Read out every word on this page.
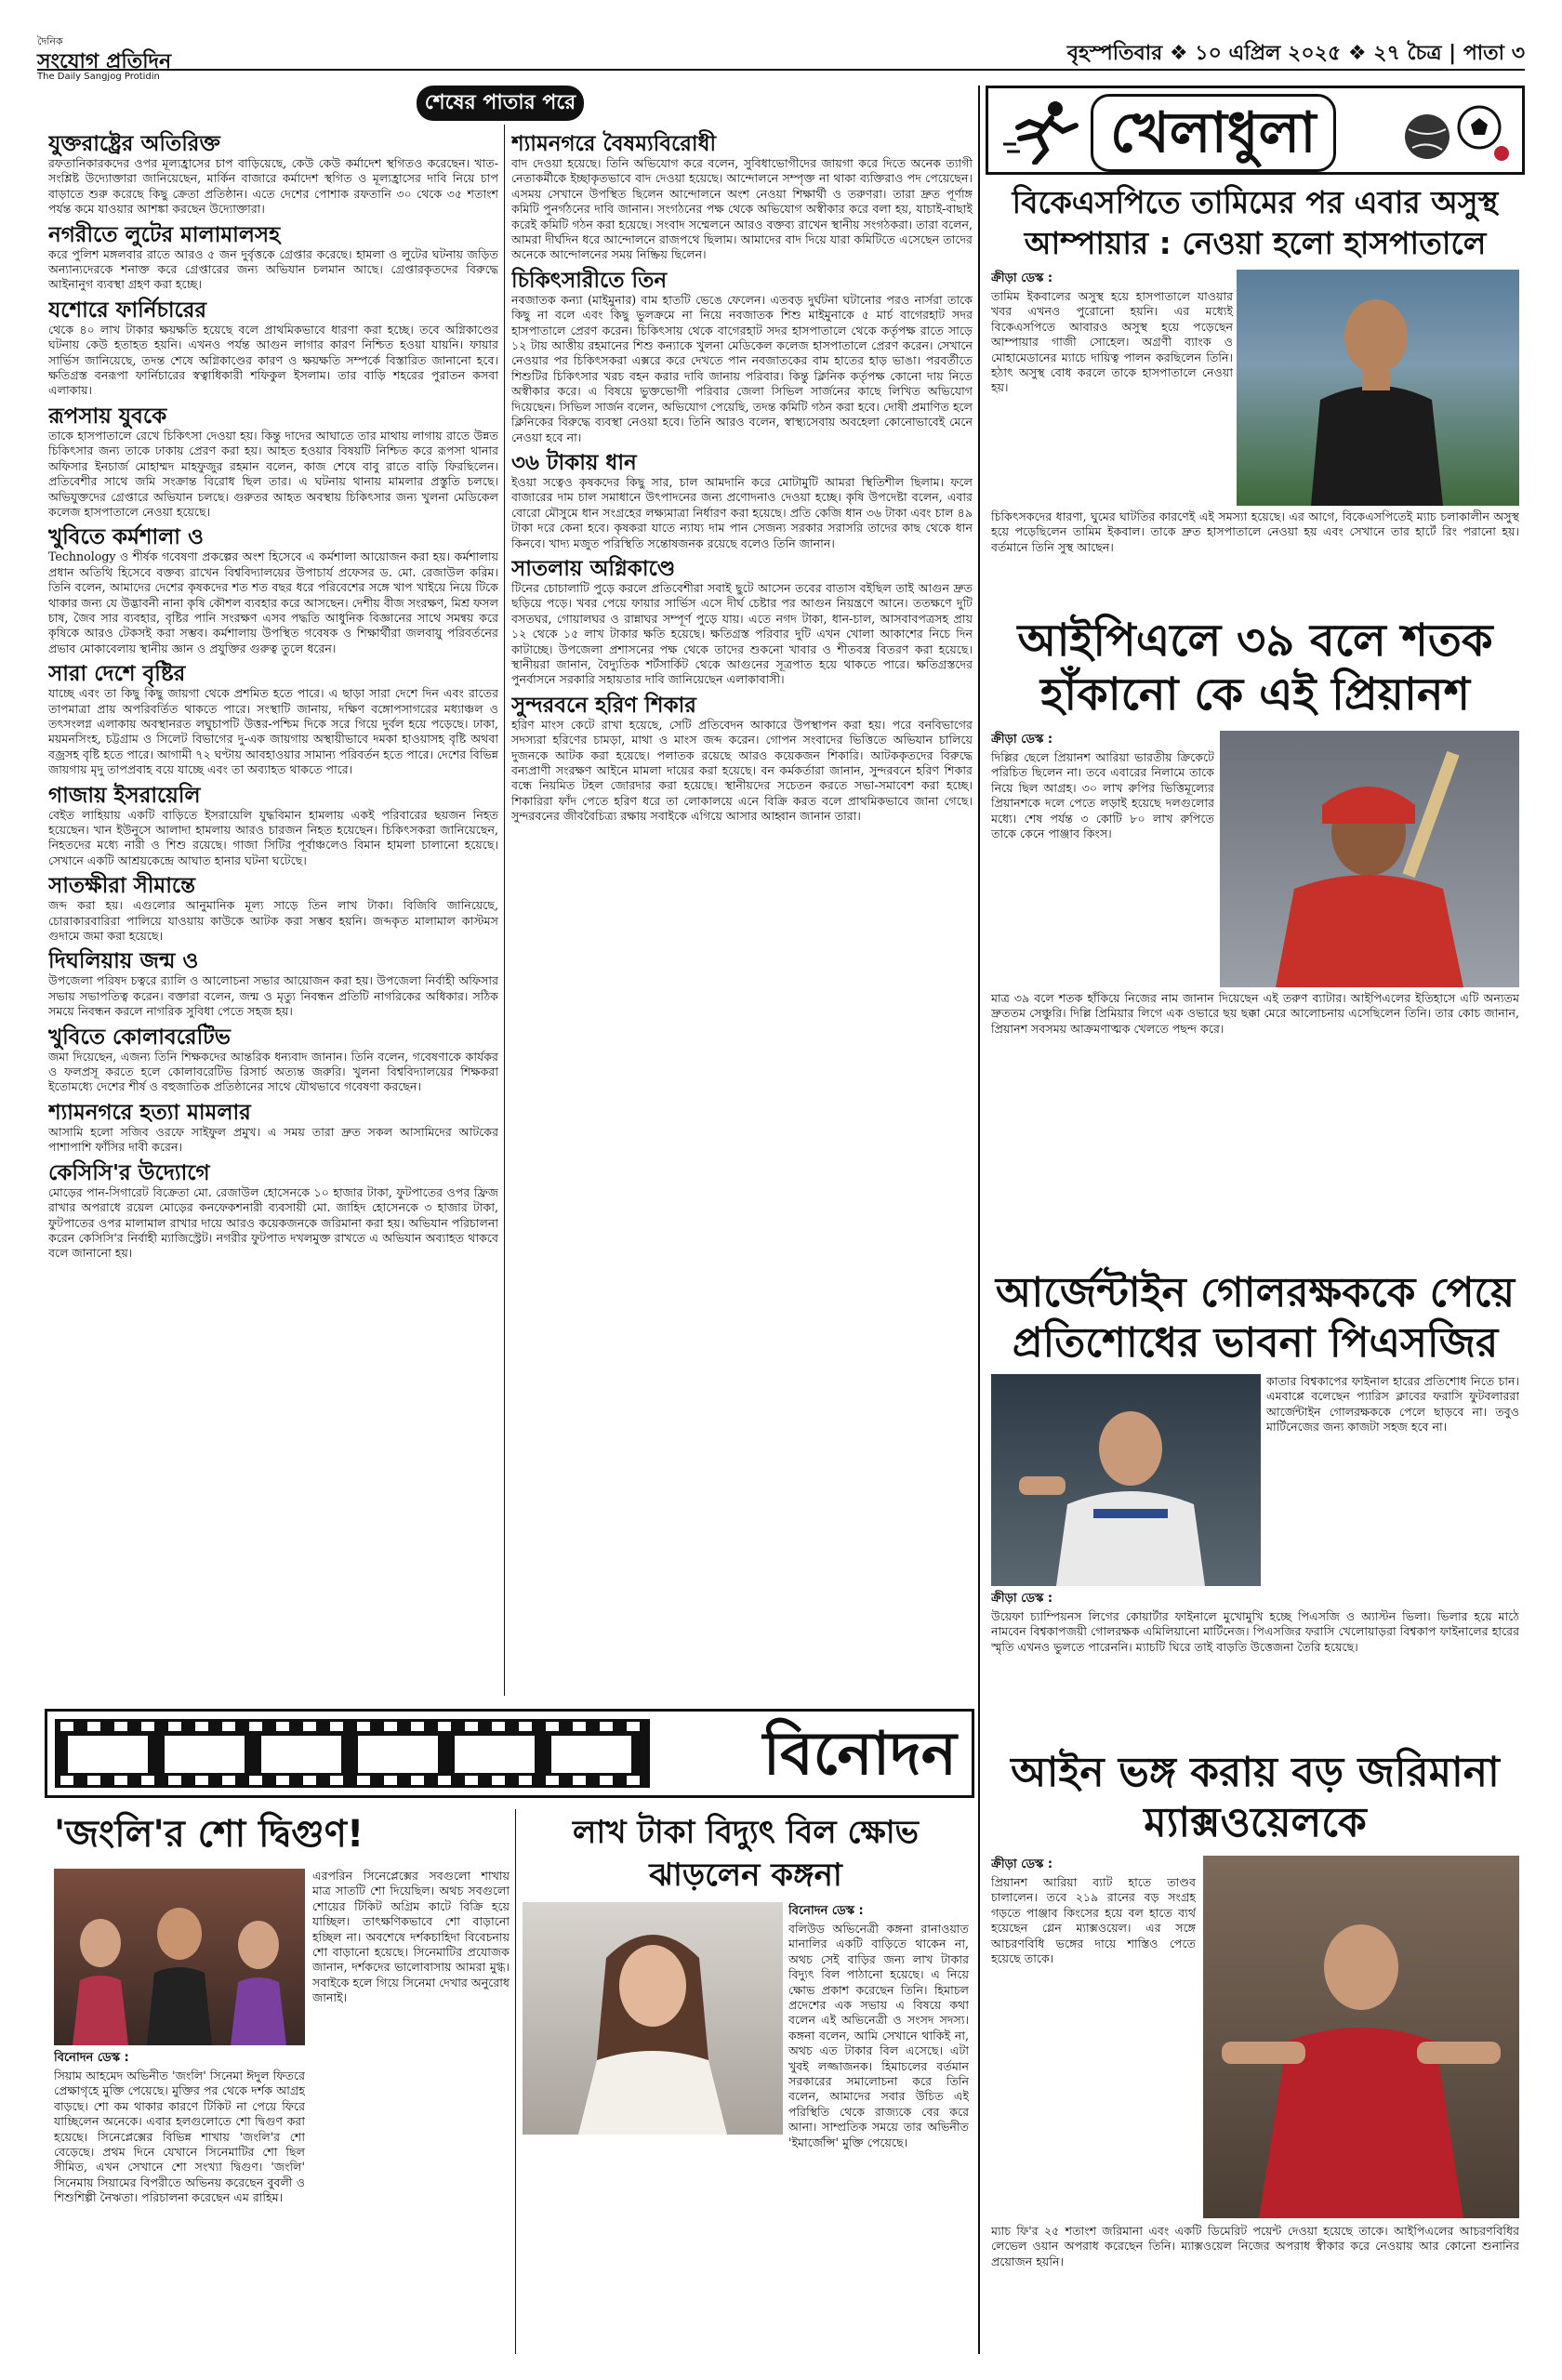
দৈনিক
সংযোগ প্রতিদিন
The Daily Sangjog Protidin
বৃহস্পতিবার ❖ ১০ এপ্রিল ২০২৫ ❖ ২৭ চৈত্র | পাতা ৩
শেষের পাতার পরে
যুক্তরাষ্ট্রের অতিরিক্ত
রফতানিকারকদের ওপর মূল্যহ্রাসের চাপ বাড়িয়েছে, কেউ কেউ কর্মাদেশ স্থগিতও করেছেন। খাত-সংশ্লিষ্ট উদ্যোক্তারা জানিয়েছেন, মার্কিন বাজারে কর্মাদেশ স্থগিত ও মূল্যহ্রাসের দাবি নিয়ে চাপ বাড়াতে শুরু করেছে কিছু ক্রেতা প্রতিষ্ঠান। এতে দেশের পোশাক রফতানি ৩০ থেকে ৩৫ শতাংশ পর্যন্ত কমে যাওয়ার আশঙ্কা করছেন উদ্যোক্তারা।
নগরীতে লুটের মালামালসহ
করে পুলিশ মঙ্গলবার রাতে আরও ৫ জন দুর্বৃত্তকে গ্রেপ্তার করেছে। হামলা ও লুটের ঘটনায় জড়িত অন্যান্যদেরকে শনাক্ত করে গ্রেপ্তারের জন্য অভিযান চলমান আছে। গ্রেপ্তারকৃতদের বিরুদ্ধে আইনানুগ ব্যবস্থা গ্রহণ করা হচ্ছে।
যশোরে ফার্নিচারের
থেকে ৪০ লাখ টাকার ক্ষয়ক্ষতি হয়েছে বলে প্রাথমিকভাবে ধারণা করা হচ্ছে। তবে অগ্নিকাণ্ডের ঘটনায় কেউ হতাহত হয়নি। এখনও পর্যন্ত আগুন লাগার কারণ নিশ্চিত হওয়া যায়নি। ফায়ার সার্ভিস জানিয়েছে, তদন্ত শেষে অগ্নিকাণ্ডের কারণ ও ক্ষয়ক্ষতি সম্পর্কে বিস্তারিত জানানো হবে। ক্ষতিগ্রস্ত বনরূপা ফার্নিচারের স্বত্বাধিকারী শফিকুল ইসলাম। তার বাড়ি শহরের পুরাতন কসবা এলাকায়।
রূপসায় যুবকে
তাকে হাসপাতালে রেখে চিকিৎসা দেওয়া হয়। কিন্তু দাদের আঘাতে তার মাথায় লাগায় রাতে উন্নত চিকিৎসার জন্য তাকে ঢাকায় প্রেরণ করা হয়। আহত হওয়ার বিষয়টি নিশ্চিত করে রূপসা থানার অফিসার ইনচার্জ মোহাম্মদ মাহফুজুর রহমান বলেন, কাজ শেষে বাবু রাতে বাড়ি ফিরছিলেন। প্রতিবেশীর সাথে জমি সংক্রান্ত বিরোধ ছিল তার। এ ঘটনায় থানায় মামলার প্রস্তুতি চলছে। অভিযুক্তদের গ্রেপ্তারে অভিযান চলছে। গুরুতর আহত অবস্থায় চিকিৎসার জন্য খুলনা মেডিকেল কলেজ হাসপাতালে নেওয়া হয়েছে।
খুবিতে কর্মশালা ও
Technology ও শীর্ষক গবেষণা প্রকল্পের অংশ হিসেবে এ কর্মশালা আয়োজন করা হয়। কর্মশালায় প্রধান অতিথি হিসেবে বক্তব্য রাখেন বিশ্ববিদ্যালয়ের উপাচার্য প্রফেসর ড. মো. রেজাউল করিম। তিনি বলেন, আমাদের দেশের কৃষকদের শত শত বছর ধরে পরিবেশের সঙ্গে খাপ খাইয়ে নিয়ে টিকে থাকার জন্য যে উদ্ভাবনী নানা কৃষি কৌশল ব্যবহার করে আসছেন। দেশীয় বীজ সংরক্ষণ, মিশ্র ফসল চাষ, জৈব সার ব্যবহার, বৃষ্টির পানি সংরক্ষণ এসব পদ্ধতি আধুনিক বিজ্ঞানের সাথে সমন্বয় করে কৃষিকে আরও টেকসই করা সম্ভব। কর্মশালায় উপস্থিত গবেষক ও শিক্ষার্থীরা জলবায়ু পরিবর্তনের প্রভাব মোকাবেলায় স্থানীয় জ্ঞান ও প্রযুক্তির গুরুত্ব তুলে ধরেন।
সারা দেশে বৃষ্টির
যাচ্ছে এবং তা কিছু কিছু জায়গা থেকে প্রশমিত হতে পারে। এ ছাড়া সারা দেশে দিন এবং রাতের তাপমাত্রা প্রায় অপরিবর্তিত থাকতে পারে। সংস্থাটি জানায়, দক্ষিণ বঙ্গোপসাগরের মধ্যাঞ্চল ও তৎসংলগ্ন এলাকায় অবস্থানরত লঘুচাপটি উত্তর-পশ্চিম দিকে সরে গিয়ে দুর্বল হয়ে পড়েছে। ঢাকা, ময়মনসিংহ, চট্টগ্রাম ও সিলেট বিভাগের দু-এক জায়গায় অস্থায়ীভাবে দমকা হাওয়াসহ বৃষ্টি অথবা বজ্রসহ বৃষ্টি হতে পারে। আগামী ৭২ ঘণ্টায় আবহাওয়ার সামান্য পরিবর্তন হতে পারে। দেশের বিভিন্ন জায়গায় মৃদু তাপপ্রবাহ বয়ে যাচ্ছে এবং তা অব্যাহত থাকতে পারে।
গাজায় ইসরায়েলি
বেইত লাহিয়ায় একটি বাড়িতে ইসরায়েলি যুদ্ধবিমান হামলায় একই পরিবারের ছয়জন নিহত হয়েছেন। খান ইউনুসে আলাদা হামলায় আরও চারজন নিহত হয়েছেন। চিকিৎসকরা জানিয়েছেন, নিহতদের মধ্যে নারী ও শিশু রয়েছে। গাজা সিটির পূর্বাঞ্চলেও বিমান হামলা চালানো হয়েছে। সেখানে একটি আশ্রয়কেন্দ্রে আঘাত হানার ঘটনা ঘটেছে।
সাতক্ষীরা সীমান্তে
জব্দ করা হয়। এগুলোর আনুমানিক মূল্য সাড়ে তিন লাখ টাকা। বিজিবি জানিয়েছে, চোরাকারবারিরা পালিয়ে যাওয়ায় কাউকে আটক করা সম্ভব হয়নি। জব্দকৃত মালামাল কাস্টমস গুদামে জমা করা হয়েছে।
দিঘলিয়ায় জন্ম ও
উপজেলা পরিষদ চত্বরে র‍্যালি ও আলোচনা সভার আয়োজন করা হয়। উপজেলা নির্বাহী অফিসার সভায় সভাপতিত্ব করেন। বক্তারা বলেন, জন্ম ও মৃত্যু নিবন্ধন প্রতিটি নাগরিকের অধিকার। সঠিক সময়ে নিবন্ধন করলে নাগরিক সুবিধা পেতে সহজ হয়।
খুবিতে কোলাবরেটিভ
জমা দিয়েছেন, এজন্য তিনি শিক্ষকদের আন্তরিক ধন্যবাদ জানান। তিনি বলেন, গবেষণাকে কার্যকর ও ফলপ্রসূ করতে হলে কোলাবরেটিভ রিসার্চ অত্যন্ত জরুরি। খুলনা বিশ্ববিদ্যালয়ের শিক্ষকরা ইতোমধ্যে দেশের শীর্ষ ও বহুজাতিক প্রতিষ্ঠানের সাথে যৌথভাবে গবেষণা করছেন।
শ্যামনগরে হত্যা মামলার
আসামি হলো সজিব ওরফে সাইফুল প্রমুখ। এ সময় তারা দ্রুত সকল আসামিদের আটকের পাশাপাশি ফাঁসির দাবী করেন।
কেসিসি'র উদ্যোগে
মোড়ের পান-সিগারেট বিক্রেতা মো. রেজাউল হোসেনকে ১০ হাজার টাকা, ফুটপাতের ওপর ফ্রিজ রাখার অপরাধে রয়েল মোড়ের কনফেকশনারী ব্যবসায়ী মো. জাহিদ হোসেনকে ৩ হাজার টাকা, ফুটপাতের ওপর মালামাল রাখার দায়ে আরও কয়েকজনকে জরিমানা করা হয়। অভিযান পরিচালনা করেন কেসিসি'র নির্বাহী ম্যাজিস্ট্রেট। নগরীর ফুটপাত দখলমুক্ত রাখতে এ অভিযান অব্যাহত থাকবে বলে জানানো হয়।
শ্যামনগরে বৈষম্যবিরোধী
বাদ দেওয়া হয়েছে। তিনি অভিযোগ করে বলেন, সুবিধাভোগীদের জায়গা করে দিতে অনেক ত্যাগী নেতাকর্মীকে ইচ্ছাকৃতভাবে বাদ দেওয়া হয়েছে। আন্দোলনে সম্পৃক্ত না থাকা ব্যক্তিরাও পদ পেয়েছেন। এসময় সেখানে উপস্থিত ছিলেন আন্দোলনে অংশ নেওয়া শিক্ষার্থী ও তরুণরা। তারা দ্রুত পূর্ণাঙ্গ কমিটি পুনর্গঠনের দাবি জানান। সংগঠনের পক্ষ থেকে অভিযোগ অস্বীকার করে বলা হয়, যাচাই-বাছাই করেই কমিটি গঠন করা হয়েছে। সংবাদ সম্মেলনে আরও বক্তব্য রাখেন স্থানীয় সংগঠকরা। তারা বলেন, আমরা দীর্ঘদিন ধরে আন্দোলনে রাজপথে ছিলাম। আমাদের বাদ দিয়ে যারা কমিটিতে এসেছেন তাদের অনেকে আন্দোলনের সময় নিষ্ক্রিয় ছিলেন।
চিকিৎসারীতে তিন
নবজাতক কন্যা (মাইমুনার) বাম হাতটি ভেঙে ফেলেন। এতবড় দুর্ঘটনা ঘটানোর পরও নার্সরা তাকে কিছু না বলে এবং কিছু ভুলক্রমে না নিয়ে নবজাতক শিশু মাইমুনাকে ৫ মার্চ বাগেরহাট সদর হাসপাতালে প্রেরণ করেন। চিকিৎসায় থেকে বাগেরহাট সদর হাসপাতালে থেকে কর্তৃপক্ষ রাতে সাড়ে ১২ টায় আত্তীয় রহমানের শিশু কন্যাকে খুলনা মেডিকেল কলেজ হাসপাতালে প্রেরণ করেন। সেখানে নেওয়ার পর চিকিৎসকরা এক্সরে করে দেখতে পান নবজাতকের বাম হাতের হাড় ভাঙা। পরবর্তীতে শিশুটির চিকিৎসার খরচ বহন করার দাবি জানায় পরিবার। কিন্তু ক্লিনিক কর্তৃপক্ষ কোনো দায় নিতে অস্বীকার করে। এ বিষয়ে ভুক্তভোগী পরিবার জেলা সিভিল সার্জনের কাছে লিখিত অভিযোগ দিয়েছেন। সিভিল সার্জন বলেন, অভিযোগ পেয়েছি, তদন্ত কমিটি গঠন করা হবে। দোষী প্রমাণিত হলে ক্লিনিকের বিরুদ্ধে ব্যবস্থা নেওয়া হবে। তিনি আরও বলেন, স্বাস্থ্যসেবায় অবহেলা কোনোভাবেই মেনে নেওয়া হবে না।
৩৬ টাকায় ধান
ইওয়া সত্বেও কৃষকদের কিছু সার, চাল আমদানি করে মোটামুটি আমরা স্থিতিশীল ছিলাম। ফলে বাজারের দাম চাল সমাধানে উৎপাদনের জন্য প্রণোদনাও দেওয়া হচ্ছে। কৃষি উপদেষ্টা বলেন, এবার বোরো মৌসুমে ধান সংগ্রহের লক্ষ্যমাত্রা নির্ধারণ করা হয়েছে। প্রতি কেজি ধান ৩৬ টাকা এবং চাল ৪৯ টাকা দরে কেনা হবে। কৃষকরা যাতে ন্যায্য দাম পান সেজন্য সরকার সরাসরি তাদের কাছ থেকে ধান কিনবে। খাদ্য মজুত পরিস্থিতি সন্তোষজনক রয়েছে বলেও তিনি জানান।
সাতলায় অগ্নিকাণ্ডে
টিনের চোচালাটি পুড়ে করলে প্রতিবেশীরা সবাই ছুটে আসেন তবের বাতাস বইছিল তাই আগুন দ্রুত ছড়িয়ে পড়ে। খবর পেয়ে ফায়ার সার্ভিস এসে দীর্ঘ চেষ্টার পর আগুন নিয়ন্ত্রণে আনে। ততক্ষণে দুটি বসতঘর, গোয়ালঘর ও রান্নাঘর সম্পূর্ণ পুড়ে যায়। এতে নগদ টাকা, ধান-চাল, আসবাবপত্রসহ প্রায় ১২ থেকে ১৫ লাখ টাকার ক্ষতি হয়েছে। ক্ষতিগ্রস্ত পরিবার দুটি এখন খোলা আকাশের নিচে দিন কাটাচ্ছে। উপজেলা প্রশাসনের পক্ষ থেকে তাদের শুকনো খাবার ও শীতবস্ত্র বিতরণ করা হয়েছে। স্থানীয়রা জানান, বৈদ্যুতিক শর্টসার্কিট থেকে আগুনের সূত্রপাত হয়ে থাকতে পারে। ক্ষতিগ্রস্তদের পুনর্বাসনে সরকারি সহায়তার দাবি জানিয়েছেন এলাকাবাসী।
সুন্দরবনে হরিণ শিকার
হরিণ মাংস কেটে রাখা হয়েছে, সেটি প্রতিবেদন আকারে উপস্থাপন করা হয়। পরে বনবিভাগের সদস্যরা হরিণের চামড়া, মাথা ও মাংস জব্দ করেন। গোপন সংবাদের ভিত্তিতে অভিযান চালিয়ে দুজনকে আটক করা হয়েছে। পলাতক রয়েছে আরও কয়েকজন শিকারি। আটককৃতদের বিরুদ্ধে বন্যপ্রাণী সংরক্ষণ আইনে মামলা দায়ের করা হয়েছে। বন কর্মকর্তারা জানান, সুন্দরবনে হরিণ শিকার বন্ধে নিয়মিত টহল জোরদার করা হয়েছে। স্থানীয়দের সচেতন করতে সভা-সমাবেশ করা হচ্ছে। শিকারিরা ফাঁদ পেতে হরিণ ধরে তা লোকালয়ে এনে বিক্রি করত বলে প্রাথমিকভাবে জানা গেছে। সুন্দরবনের জীববৈচিত্র্য রক্ষায় সবাইকে এগিয়ে আসার আহ্বান জানান তারা।
খেলাধুলা
বিকেএসপিতে তামিমের পর এবার অসুস্থ আম্পায়ার : নেওয়া হলো হাসপাতালে
ক্রীড়া ডেস্ক :
তামিম ইকবালের অসুস্থ হয়ে হাসপাতালে যাওয়ার খবর এখনও পুরোনো হয়নি। এর মধ্যেই বিকেএসপিতে আবারও অসুস্থ হয়ে পড়েছেন আম্পায়ার গাজী সোহেল। অগ্রণী ব্যাংক ও মোহামেডানের ম্যাচে দায়িত্ব পালন করছিলেন তিনি। হঠাৎ অসুস্থ বোধ করলে তাকে হাসপাতালে নেওয়া হয়।
চিকিৎসকদের ধারণা, ঘুমের ঘাটতির কারণেই এই সমস্যা হয়েছে। এর আগে, বিকেএসপিতেই ম্যাচ চলাকালীন অসুস্থ হয়ে পড়েছিলেন তামিম ইকবাল। তাকে দ্রুত হাসপাতালে নেওয়া হয় এবং সেখানে তার হার্টে রিং পরানো হয়। বর্তমানে তিনি সুস্থ আছেন।
আইপিএলে ৩৯ বলে শতক হাঁকানো কে এই প্রিয়ানশ
ক্রীড়া ডেস্ক :
দিল্লির ছেলে প্রিয়ানশ আরিয়া ভারতীয় ক্রিকেটে পরিচিত ছিলেন না। তবে এবারের নিলামে তাকে নিয়ে ছিল আগ্রহ। ৩০ লাখ রুপির ভিত্তিমূল্যের প্রিয়ানশকে দলে পেতে লড়াই হয়েছে দলগুলোর মধ্যে। শেষ পর্যন্ত ৩ কোটি ৮০ লাখ রুপিতে তাকে কেনে পাঞ্জাব কিংস।
মাত্র ৩৯ বলে শতক হাঁকিয়ে নিজের নাম জানান দিয়েছেন এই তরুণ ব্যাটার। আইপিএলের ইতিহাসে এটি অন্যতম দ্রুততম সেঞ্চুরি। দিল্লি প্রিমিয়ার লিগে এক ওভারে ছয় ছক্কা মেরে আলোচনায় এসেছিলেন তিনি। তার কোচ জানান, প্রিয়ানশ সবসময় আক্রমণাত্মক খেলতে পছন্দ করে।
আর্জেন্টাইন গোলরক্ষককে পেয়ে প্রতিশোধের ভাবনা পিএসজির
কাতার বিশ্বকাপের ফাইনাল হারের প্রতিশোধ নিতে চান। এমবাপ্পে বলেছেন প্যারিস ক্লাবের ফরাসি ফুটবলাররা আর্জেন্টাইন গোলরক্ষককে পেলে ছাড়বে না। তবুও মার্টিনেজের জন্য কাজটা সহজ হবে না।
ক্রীড়া ডেস্ক :
উয়েফা চ্যাম্পিয়নস লিগের কোয়ার্টার ফাইনালে মুখোমুখি হচ্ছে পিএসজি ও অ্যাস্টন ভিলা। ভিলার হয়ে মাঠে নামবেন বিশ্বকাপজয়ী গোলরক্ষক এমিলিয়ানো মার্টিনেজ। পিএসজির ফরাসি খেলোয়াড়রা বিশ্বকাপ ফাইনালের হারের স্মৃতি এখনও ভুলতে পারেননি। ম্যাচটি ঘিরে তাই বাড়তি উত্তেজনা তৈরি হয়েছে।
আইন ভঙ্গ করায় বড় জরিমানা ম্যাক্সওয়েলকে
ক্রীড়া ডেস্ক :
প্রিয়ানশ আরিয়া ব্যাট হাতে তাণ্ডব চালালেন। তবে ২১৯ রানের বড় সংগ্রহ গড়তে পাঞ্জাব কিংসের হয়ে বল হাতে ব্যর্থ হয়েছেন গ্লেন ম্যাক্সওয়েল। এর সঙ্গে আচরণবিধি ভঙ্গের দায়ে শাস্তিও পেতে হয়েছে তাকে।
ম্যাচ ফি'র ২৫ শতাংশ জরিমানা এবং একটি ডিমেরিট পয়েন্ট দেওয়া হয়েছে তাকে। আইপিএলের আচরণবিধির লেভেল ওয়ান অপরাধ করেছেন তিনি। ম্যাক্সওয়েল নিজের অপরাধ স্বীকার করে নেওয়ায় আর কোনো শুনানির প্রয়োজন হয়নি।
বিনোদন
'জংলি'র শো দ্বিগুণ!
বিনোদন ডেস্ক :
সিয়াম আহমেদ অভিনীত 'জংলি' সিনেমা ঈদুল ফিতরে প্রেক্ষাগৃহে মুক্তি পেয়েছে। মুক্তির পর থেকে দর্শক আগ্রহ বাড়ছে। শো কম থাকার কারণে টিকিট না পেয়ে ফিরে যাচ্ছিলেন অনেকে। এবার হলগুলোতে শো দ্বিগুণ করা হয়েছে। সিনেপ্লেক্সের বিভিন্ন শাখায় 'জংলি'র শো বেড়েছে। প্রথম দিনে যেখানে সিনেমাটির শো ছিল সীমিত, এখন সেখানে শো সংখ্যা দ্বিগুণ। 'জংলি' সিনেমায় সিয়ামের বিপরীতে অভিনয় করেছেন বুবলী ও শিশুশিল্পী নৈঋতা। পরিচালনা করেছেন এম রাহিম।
এরপরিন সিনেপ্লেক্সের সবগুলো শাখায় মাত্র সাতটি শো দিয়েছিল। অথচ সবগুলো শোয়ের টিকিট অগ্রিম কাটে বিক্রি হয়ে যাচ্ছিল। তাৎক্ষণিকভাবে শো বাড়ানো হচ্ছিল না। অবশেষে দর্শকচাহিদা বিবেচনায় শো বাড়ানো হয়েছে। সিনেমাটির প্রযোজক জানান, দর্শকদের ভালোবাসায় আমরা মুগ্ধ। সবাইকে হলে গিয়ে সিনেমা দেখার অনুরোধ জানাই।
লাখ টাকা বিদ্যুৎ বিল ক্ষোভ ঝাড়লেন কঙ্গনা
বিনোদন ডেস্ক :
বলিউড অভিনেত্রী কঙ্গনা রানাওয়াত মানালির একটি বাড়িতে থাকেন না, অথচ সেই বাড়ির জন্য লাখ টাকার বিদ্যুৎ বিল পাঠানো হয়েছে। এ নিয়ে ক্ষোভ প্রকাশ করেছেন তিনি। হিমাচল প্রদেশের এক সভায় এ বিষয়ে কথা বলেন এই অভিনেত্রী ও সংসদ সদস্য। কঙ্গনা বলেন, আমি সেখানে থাকিই না, অথচ এত টাকার বিল এসেছে। এটা খুবই লজ্জাজনক। হিমাচলের বর্তমান সরকারের সমালোচনা করে তিনি বলেন, আমাদের সবার উচিত এই পরিস্থিতি থেকে রাজ্যকে বের করে আনা। সাম্প্রতিক সময়ে তার অভিনীত 'ইমার্জেন্সি' মুক্তি পেয়েছে।
